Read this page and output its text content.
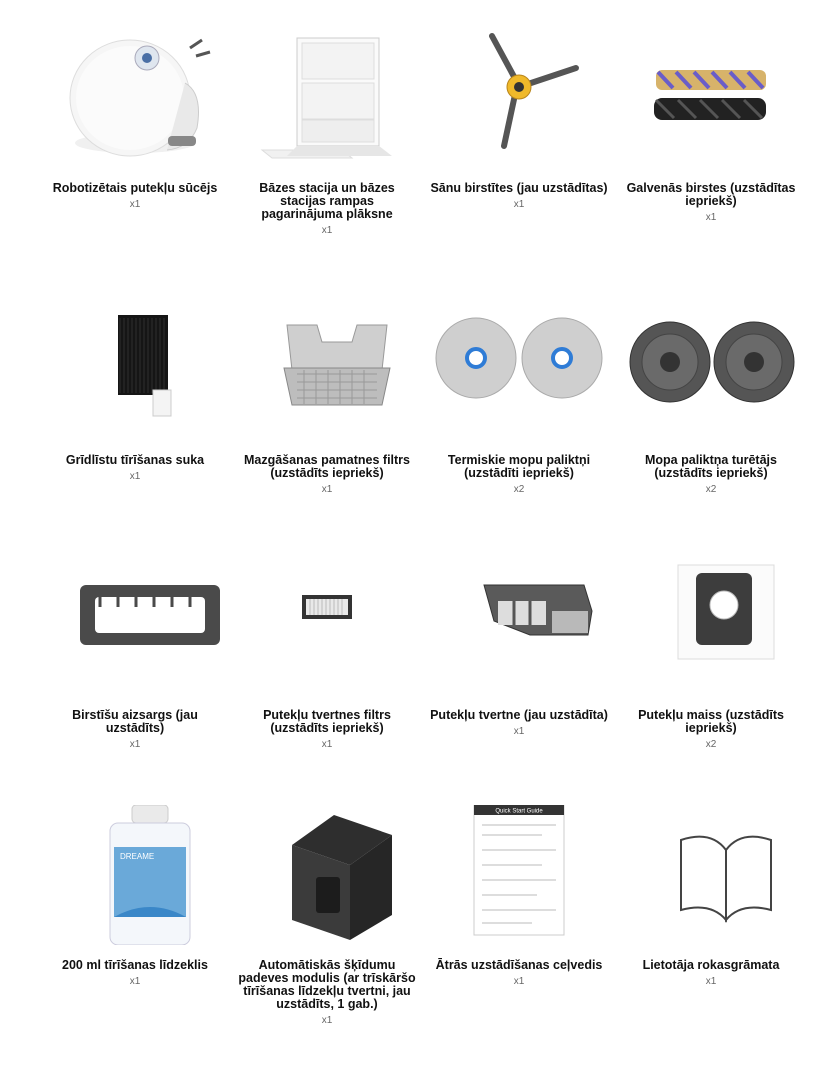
Robotizētais putekļu sūcējs
x1
Bāzes stacija un bāzes stacijas rampas pagarinājuma plāksne
x1
Sānu birstītes (jau uzstādītas)
x1
Galvenās birstes (uzstādītas iepriekš)
x1
Grīdlīstu tīrīšanas suka
x1
Mazgāšanas pamatnes filtrs (uzstādīts iepriekš)
x1
Termiskie mopu paliktņi (uzstādīti iepriekš)
x2
Mopa paliktņa turētājs (uzstādīts iepriekš)
x2
Birstīšu aizsargs (jau uzstādīts)
x1
Putekļu tvertnes filtrs (uzstādīts iepriekš)
x1
Putekļu tvertne (jau uzstādīta)
x1
Putekļu maiss (uzstādīts iepriekš)
x2
DREAME
200 ml tīrīšanas līdzeklis
x1
Automātiskās šķīdumu padeves modulis (ar trīskāršo tīrīšanas līdzekļu tvertni, jau uzstādīts, 1 gab.)
x1
Quick Start Guide
Ātrās uzstādīšanas ceļvedis
x1
Lietotāja rokasgrāmata
x1
